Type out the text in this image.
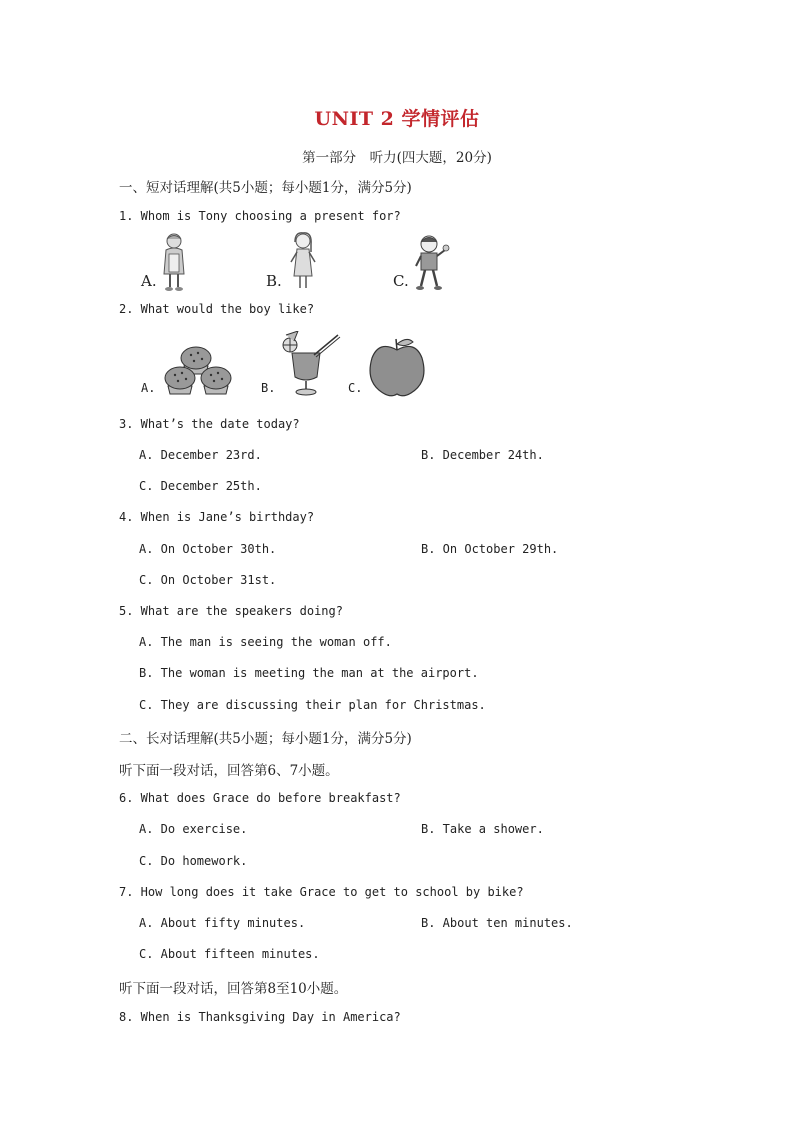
UNIT 2 学情评估
第一部分　听力(四大题，20分)
一、短对话理解(共5小题；每小题1分，满分5分)
1. Whom is Tony choosing a present for?
A.	B.	C.
2. What would the boy like?
A.	B.	C.
3. What’s the date today?
A. December 23rd.	B. December 24th.
C. December 25th.
4. When is Jane’s birthday?
A. On October 30th.	B. On October 29th.
C. On October 31st.
5. What are the speakers doing?
A. The man is seeing the woman off.
B. The woman is meeting the man at the airport.
C. They are discussing their plan for Christmas.
二、长对话理解(共5小题；每小题1分，满分5分)
听下面一段对话，回答第6、7小题。
6. What does Grace do before breakfast?
A. Do exercise.	B. Take a shower.
C. Do homework.
7. How long does it take Grace to get to school by bike?
A. About fifty minutes.	B. About ten minutes.
C. About fifteen minutes.
听下面一段对话，回答第8至10小题。
8. When is Thanksgiving Day in America?
